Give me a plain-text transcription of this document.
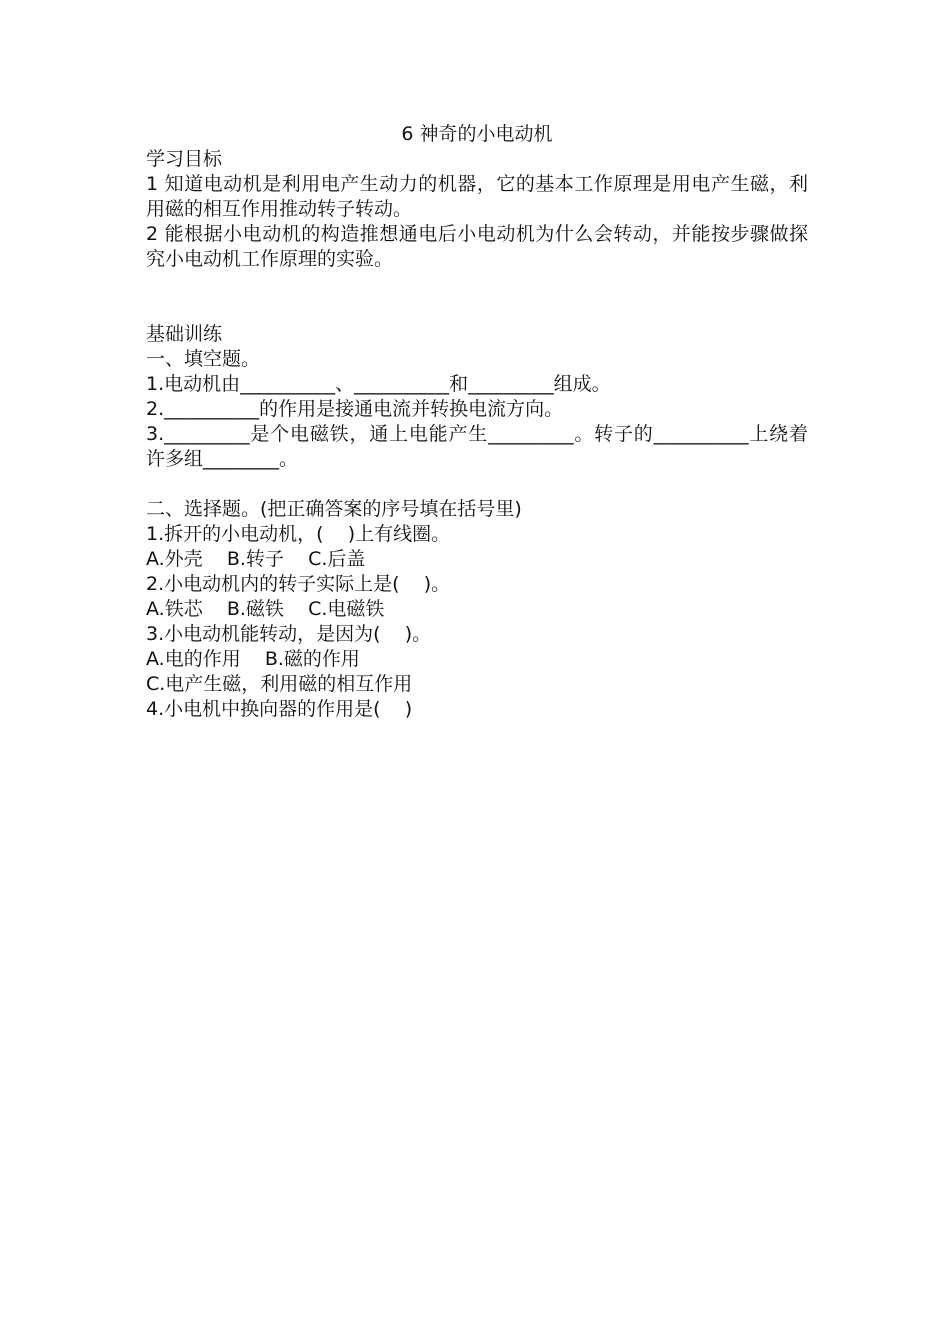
6 神奇的小电动机

学习目标

1 知道电动机是利用电产生动力的机器，它的基本工作原理是用电产生磁，利用磁的相互作用推动转子转动。

2 能根据小电动机的构造推想通电后小电动机为什么会转动，并能按步骤做探究小电动机工作原理的实验。

基础训练

一、填空题。

1.电动机由__________、__________和_________组成。

2.__________的作用是接通电流并转换电流方向。

3._________是个电磁铁，通上电能产生_________。转子的__________上绕着许多组________。

二、选择题。(把正确答案的序号填在括号里)

1.拆开的小电动机，(    )上有线圈。

A.外壳    B.转子    C.后盖

2.小电动机内的转子实际上是(    )。

A.铁芯    B.磁铁    C.电磁铁

3.小电动机能转动，是因为(    )。

A.电的作用    B.磁的作用

C.电产生磁，利用磁的相互作用

4.小电机中换向器的作用是(    )
